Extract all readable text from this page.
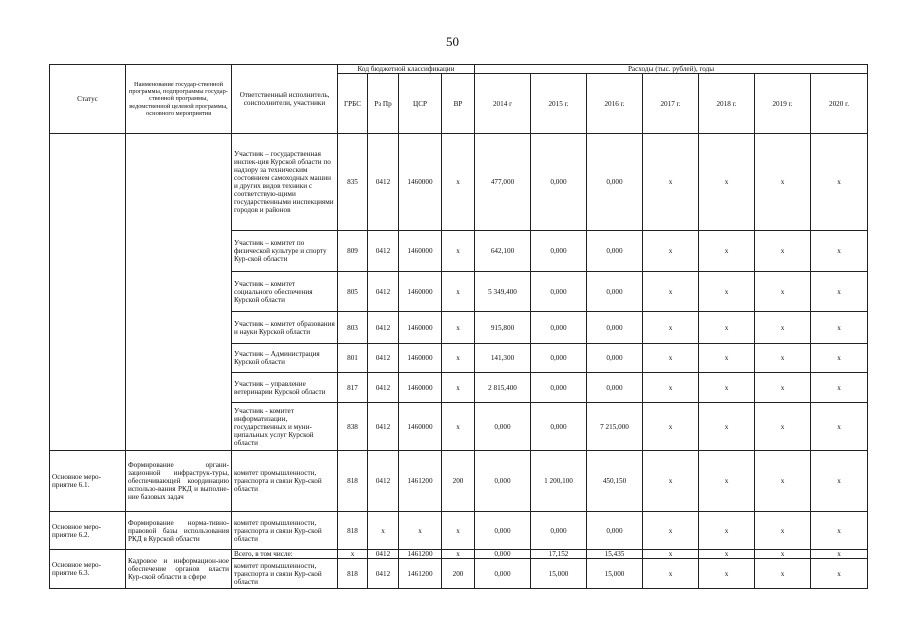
50
Статус	Наименование государ-ственной программы, подпрограммы государ-ственной программы, ведомственной целевой программы, основного мероприятия	Ответственный исполнитель, соисполнители, участники	Код бюджетной классификации				Расходы (тыс. рублей), годы						
			ГРБС	Рз Пр	ЦСР	ВР	2014 г	2015 г.	2016 г.	2017 г.	2018 г.	2019 г.	2020 г.
		Участник – государственная инспек-ция Курской области по надзору за техническим состоянием самоходных машин и других видов техники с соответствую-щими государственными инспекциями городов и районов	835	0412	1460000	х	477,000	0,000	0,000	х	х	х	х
		Участник – комитет по физической культуре и спорту Кур-ской области	809	0412	1460000	х	642,100	0,000	0,000	х	х	х	х
		Участник – комитет социального обеспечения Курской области	805	0412	1460000	х	5 349,400	0,000	0,000	х	х	х	х
		Участник – комитет образования и науки Курской области	803	0412	1460000	х	915,800	0,000	0,000	х	х	х	х
		Участник – Администрация Курской области	801	0412	1460000	х	141,300	0,000	0,000	х	х	х	х
		Участник – управление ветеринарии Курской области	817	0412	1460000	х	2 815,400	0,000	0,000	х	х	х	х
		Участник - комитет информатизации, государственных и муни-ципальных услуг Курской области	838	0412	1460000	х	0,000	0,000	7 215,000	х	х	х	х
Основное меро-приятие 6.1.	Формирование органи-зационной инфраструк-туры, обеспечивающей координацию использо-вания РКД и выполне-ние базовых задач	комитет промышленности, транспорта и связи Кур-ской области	818	0412	1461200	200	0,000	1 200,100	450,150	х	х	х	х
Основное меро-приятие 6.2.	Формирование норма-тивно-правовой базы использования РКД в Курской области	комитет промышленности, транспорта и связи Кур-ской области	818	х	х	х	0,000	0,000	0,000	х	х	х	х
Основное меро-приятие 6.3.	Кадровое и информацион-ное обеспечение органов власти Кур-ской области в сфере	Всего, в том числе:	х	0412	1461200	х	0,000	17,152	15,435	х	х	х	х
		комитет промышленности, транспорта и связи Кур-ской области	818	0412	1461200	200	0,000	15,000	15,000	х	х	х	х
